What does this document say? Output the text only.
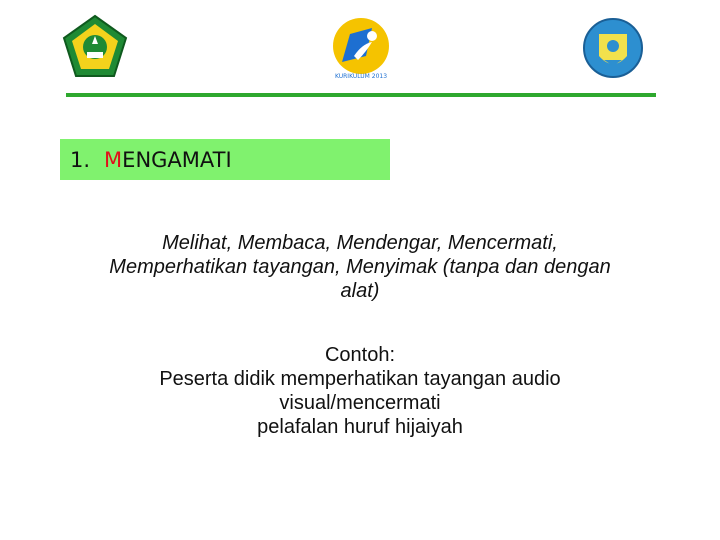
KURIKULUM 2013
1. M ENGAMATI
Melihat, Membaca, Mendengar, Mencermati,
Memperhatikan tayangan, Menyimak (tanpa dan dengan
alat)
Contoh:
Peserta didik memperhatikan tayangan audio
visual/mencermati
pelafalan huruf hijaiyah
